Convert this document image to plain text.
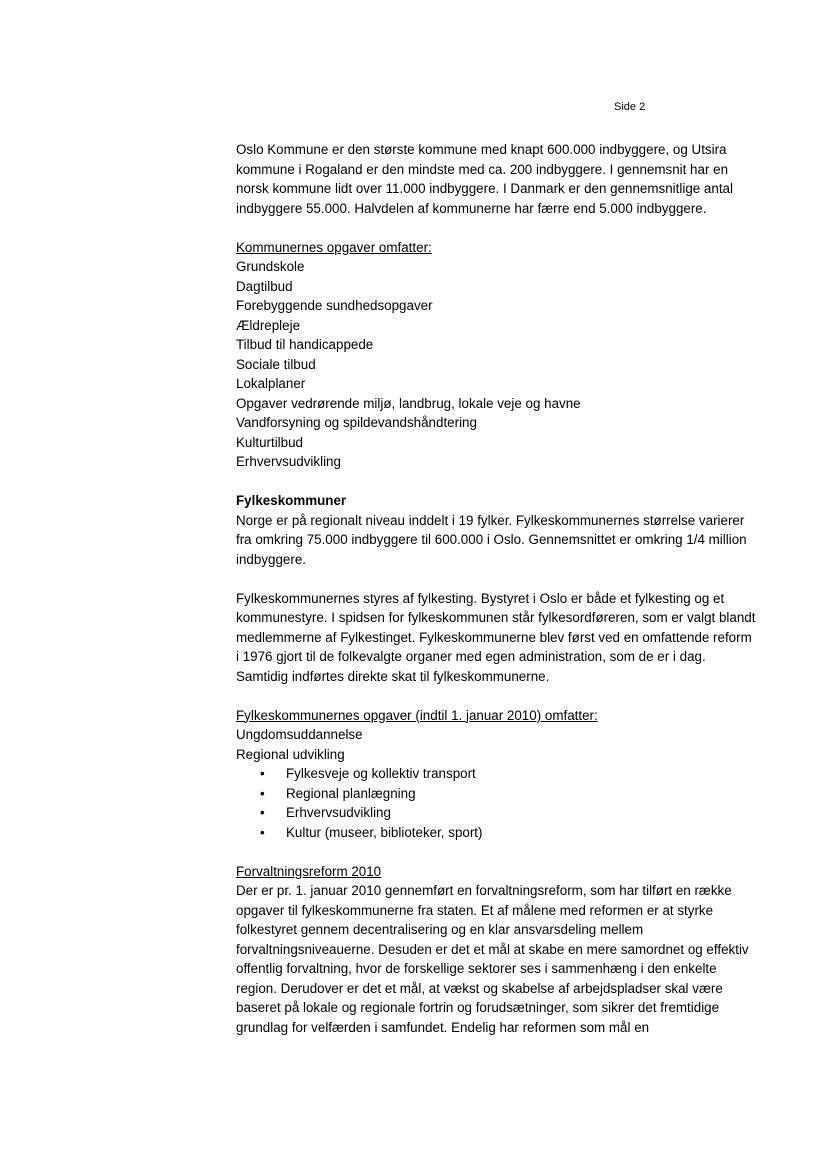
Side 2

Oslo Kommune er den største kommune med knapt 600.000 indbyggere, og Utsira kommune i Rogaland er den mindste med ca. 200 indbyggere. I gennemsnit har en norsk kommune lidt over 11.000 indbyggere. I Danmark er den gennemsnitlige antal indbyggere 55.000. Halvdelen af kommunerne har færre end 5.000 indbyggere.

Kommunernes opgaver omfatter:

Grundskole

Dagtilbud

Forebyggende sundhedsopgaver

Ældrepleje

Tilbud til handicappede

Sociale tilbud

Lokalplaner

Opgaver vedrørende miljø, landbrug, lokale veje og havne

Vandforsyning og spildevandshåndtering

Kulturtilbud

Erhvervsudvikling

Fylkeskommuner

Norge er på regionalt niveau inddelt i 19 fylker. Fylkeskommunernes størrelse varierer fra omkring 75.000 indbyggere til 600.000 i Oslo. Gennemsnittet er omkring 1/4 million indbyggere.

Fylkeskommunernes styres af fylkesting. Bystyret i Oslo er både et fylkesting og et kommunestyre. I spidsen for fylkeskommunen står fylkesordføreren, som er valgt blandt medlemmerne af Fylkestinget. Fylkeskommunerne blev først ved en omfattende reform i 1976 gjort til de folkevalgte organer med egen administration, som de er i dag. Samtidig indførtes direkte skat til fylkeskommunerne.

Fylkeskommunernes opgaver (indtil 1. januar 2010) omfatter:

Ungdomsuddannelse

Regional udvikling

• Fylkesveje og kollektiv transport
• Regional planlægning
• Erhvervsudvikling
• Kultur (museer, biblioteker, sport)

Forvaltningsreform 2010

Der er pr. 1. januar 2010 gennemført en forvaltningsreform, som har tilført en række opgaver til fylkeskommunerne fra staten. Et af målene med reformen er at styrke folkestyret gennem decentralisering og en klar ansvarsdeling mellem forvaltningsniveauerne. Desuden er det et mål at skabe en mere samordnet og effektiv offentlig forvaltning, hvor de forskellige sektorer ses i sammenhæng i den enkelte region. Derudover er det et mål, at vækst og skabelse af arbejdspladser skal være baseret på lokale og regionale fortrin og forudsætninger, som sikrer det fremtidige grundlag for velfærden i samfundet. Endelig har reformen som mål en
